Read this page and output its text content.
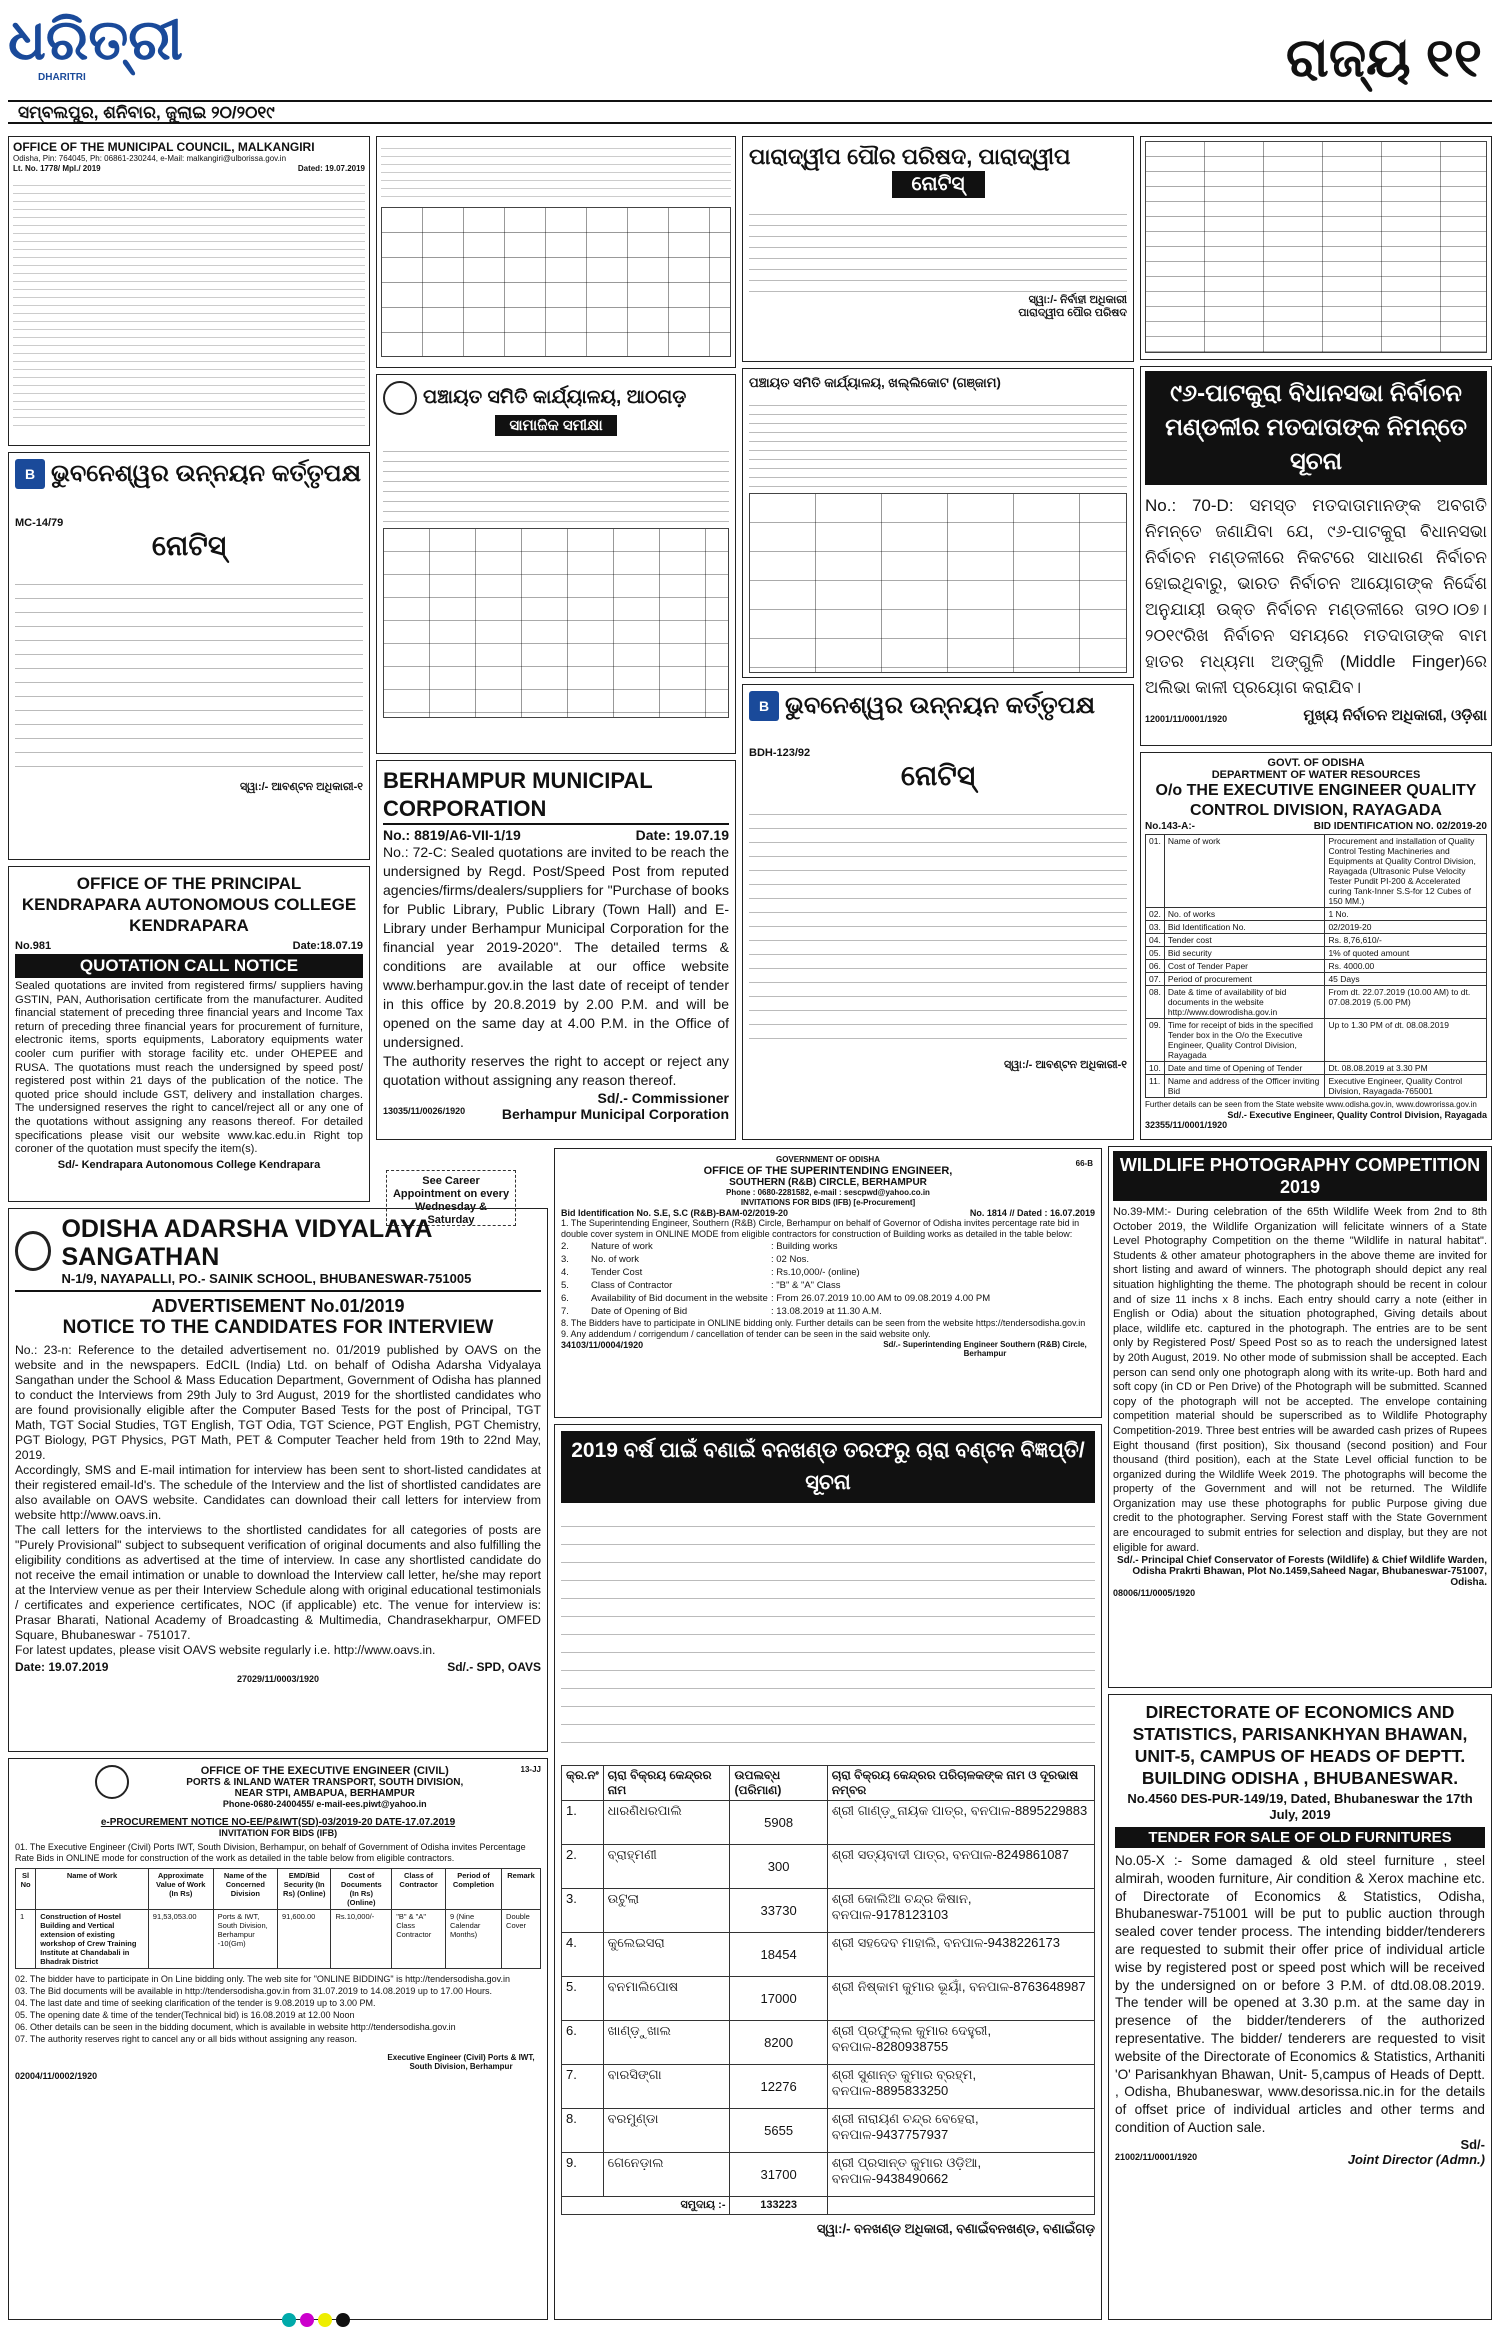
ଧରିତ୍ରୀ
DHARITRI
ସମ୍ବଲପୁର, ଶନିବାର, ଜୁଲାଇ ୨୦/୨୦୧୯
ରାଜ୍ୟ ୧୧
OFFICE OF THE MUNICIPAL COUNCIL, MALKANGIRI
Odisha, Pin: 764045, Ph: 06861-230244, e-Mail: malkangiri@ulborissa.gov.in
Lt. No. 1778/ Mpl./ 2019	Dated: 19.07.2019	ପାରାଦ୍ୱୀପ ପୌର ପରିଷଦ, ପାରାଦ୍ୱୀପ
ନୋଟିସ୍
ସ୍ୱା:/- ନିର୍ବାହୀ ଅଧିକାରୀ
ପାରାଦ୍ୱୀପ ପୌର ପରିଷଦ
B ଭୁବନେଶ୍ୱର ଉନ୍ନୟନ କର୍ତ୍ତୃପକ୍ଷ
MC-14/79
ନୋଟିସ୍
ସ୍ୱା:/- ଆବଣ୍ଟନ ଅଧିକାରୀ-୧
ପଞ୍ଚାୟତ ସମିତି କାର୍ଯ୍ୟାଳୟ, ଆଠଗଡ଼
ସାମାଜିକ ସମୀକ୍ଷା
ପଞ୍ଚାୟତ ସମିତି କାର୍ଯ୍ୟାଳୟ, ଖଲ୍ଲିକୋଟ (ଗଞ୍ଜାମ)	୯୬-ପାଟକୁରା ବିଧାନସଭା ନିର୍ବାଚନ ମଣ୍ଡଳୀର ମତଦାତାଙ୍କ ନିମନ୍ତେ ସୂଚନା
No.: 70-D: ସମସ୍ତ ମତଦାତାମାନଙ୍କ ଅବଗତି ନିମନ୍ତେ ଜଣାଯିବା ଯେ, ୯୬-ପାଟକୁରା ବିଧାନସଭା ନିର୍ବାଚନ ମଣ୍ଡଳୀରେ ନିକଟରେ ସାଧାରଣ ନିର୍ବାଚନ ହୋଇଥିବାରୁ, ଭାରତ ନିର୍ବାଚନ ଆୟୋଗଙ୍କ ନିର୍ଦ୍ଦେଶ ଅନୁଯାୟୀ ଉକ୍ତ ନିର୍ବାଚନ ମଣ୍ଡଳୀରେ ତା୨୦।୦୭।୨୦୧୯ରିଖ ନିର୍ବାଚନ ସମୟରେ ମତଦାତାଙ୍କ ବାମ ହାତର ମଧ୍ୟମା ଅଙ୍ଗୁଳି (Middle Finger)ରେ ଅଲିଭା କାଳୀ ପ୍ରୟୋଗ କରାଯିବ।
12001/11/0001/1920	ମୁଖ୍ୟ ନିର୍ବାଚନ ଅଧିକାରୀ, ଓଡ଼ିଶା
BERHAMPUR MUNICIPAL CORPORATION
No.: 8819/A6-VII-1/19	Date: 19.07.19
No.: 72-C: Sealed quotations are invited to be reach the undersigned by Regd. Post/Speed Post from reputed agencies/firms/dealers/suppliers for "Purchase of books for Public Library, Public Library (Town Hall) and E-Library under Berhampur Municipal Corporation for the financial year 2019-2020". The detailed terms & conditions are available at our office website www.berhampur.gov.in the last date of receipt of tender in this office by 20.8.2019 by 2.00 P.M. and will be opened on the same day at 4.00 P.M. in the Office of undersigned.
The authority reserves the right to accept or reject any quotation without assigning any reason thereof.
Sd/.- Commissioner
13035/11/0026/1920	Berhampur Municipal Corporation
B ଭୁବନେଶ୍ୱର ଉନ୍ନୟନ କର୍ତ୍ତୃପକ୍ଷ
BDH-123/92
ନୋଟିସ୍
ସ୍ୱା:/- ଆବଣ୍ଟନ ଅଧିକାରୀ-୧
GOVT. OF ODISHA
DEPARTMENT OF WATER RESOURCES
O/o THE EXECUTIVE ENGINEER QUALITY CONTROL DIVISION, RAYAGADA
No.143-A:-	BID IDENTIFICATION NO. 02/2019-20
01.	Name of work	Procurement and installation of Quality Control Testing Machineries and Equipments at Quality Control Division, Rayagada (Ultrasonic Pulse Velocity Tester Pundit PI-200 & Accelerated curing Tank-Inner S.S-for 12 Cubes of 150 MM.)
02.	No. of works	1 No.
03.	Bid Identification No.	02/2019-20
04.	Tender cost	Rs. 8,76,610/-
05.	Bid security	1% of quoted amount
06.	Cost of Tender Paper	Rs. 4000.00
07.	Period of procurement	45 Days
08.	Date & time of availability of bid documents in the website http://www.dowrodisha.gov.in	From dt. 22.07.2019 (10.00 AM) to dt. 07.08.2019 (5.00 PM)
09.	Time for receipt of bids in the specified Tender box in the O/o the Executive Engineer, Quality Control Division, Rayagada	Up to 1.30 PM of dt. 08.08.2019
10.	Date and time of Opening of Tender	Dt. 08.08.2019 at 3.30 PM
11.	Name and address of the Officer inviting Bid	Executive Engineer, Quality Control Division, Rayagada-765001
Further details can be seen from the State website www.odisha.gov.in, www.dowrorissa.gov.in
Sd/.- Executive Engineer, Quality Control Division, Rayagada
32355/11/0001/1920
OFFICE OF THE PRINCIPAL KENDRAPARA AUTONOMOUS COLLEGE KENDRAPARA
No.981	Date:18.07.19
QUOTATION CALL NOTICE
Sealed quotations are invited from registered firms/ suppliers having GSTIN, PAN, Authorisation certificate from the manufacturer. Audited financial statement of preceding three financial years and Income Tax return of preceding three financial years for procurement of furniture, electronic items, sports equipments, Laboratory equipments water cooler cum purifier with storage facility etc. under OHEPEE and RUSA. The quotations must reach the undersigned by speed post/ registered post within 21 days of the publication of the notice. The quoted price should include GST, delivery and installation charges. The undersigned reserves the right to cancel/reject all or any one of the quotations without assigning any reasons thereof. For detailed specifications please visit our website www.kac.edu.in Right top coroner of the quotation must specify the item(s).
Sd/- Kendrapara Autonomous College Kendrapara
See Career Appointment on every Wednesday & Saturday
ODISHA ADARSHA VIDYALAYA SANGATHAN
N-1/9, NAYAPALLI, PO.- SAINIK SCHOOL, BHUBANESWAR-751005
ADVERTISEMENT No.01/2019
NOTICE TO THE CANDIDATES FOR INTERVIEW
No.: 23-n: Reference to the detailed advertisement no. 01/2019 published by OAVS on the website and in the newspapers. EdCIL (India) Ltd. on behalf of Odisha Adarsha Vidyalaya Sangathan under the School & Mass Education Department, Government of Odisha has planned to conduct the Interviews from 29th July to 3rd August, 2019 for the shortlisted candidates who are found provisionally eligible after the Computer Based Tests for the post of Principal, TGT Math, TGT Social Studies, TGT English, TGT Odia, TGT Science, PGT English, PGT Chemistry, PGT Biology, PGT Physics, PGT Math, PET & Computer Teacher held from 19th to 22nd May, 2019.
Accordingly, SMS and E-mail intimation for interview has been sent to short-listed candidates at their registered email-Id's. The schedule of the Interview and the list of shortlisted candidates are also available on OAVS website. Candidates can download their call letters for interview from website http://www.oavs.in.
The call letters for the interviews to the shortlisted candidates for all categories of posts are "Purely Provisional" subject to subsequent verification of original documents and also fulfilling the eligibility conditions as advertised at the time of interview. In case any shortlisted candidate do not receive the email intimation or unable to download the Interview call letter, he/she may report at the Interview venue as per their Interview Schedule along with original educational testimonials / certificates and experience certificates, NOC (if applicable) etc. The venue for interview is: Prasar Bharati, National Academy of Broadcasting & Multimedia, Chandrasekharpur, OMFED Square, Bhubaneswar - 751017.
For latest updates, please visit OAVS website regularly i.e. http://www.oavs.in.
Date: 19.07.2019	Sd/.- SPD, OAVS
27029/11/0003/1920
GOVERNMENT OF ODISHA
OFFICE OF THE SUPERINTENDING ENGINEER,
SOUTHERN (R&B) CIRCLE, BERHAMPUR
Phone : 0680-2281582, e-mail : sescpwd@yahoo.co.in
INVITATIONS FOR BIDS (IFB) [e-Procurement]
66-B
Bid Identification No. S.E, S.C (R&B)-BAM-02/2019-20	No. 1814 // Dated : 16.07.2019
1. The Superintending Engineer, Southern (R&B) Circle, Berhampur on behalf of Governor of Odisha invites percentage rate bid in double cover system in ONLINE MODE from eligible contractors for construction of Building works as detailed in the table below:
2.	Nature of work	: Building works
3.	No. of work	: 02 Nos.
4.	Tender Cost	: Rs.10,000/- (online)
5.	Class of Contractor	: "B" & "A" Class
6.	Availability of Bid document in the website : From 26.07.2019 10.00 AM to 09.08.2019 4.00 PM
7.	Date of Opening of Bid	: 13.08.2019 at 11.30 A.M.
8. The Bidders have to participate in ONLINE bidding only. Further details can be seen from the website https://tendersodisha.gov.in
9. Any addendum / corrigendum / cancellation of tender can be seen in the said website only.
34103/11/0004/1920	Sd/.- Superintending Engineer Southern (R&B) Circle, Berhampur
WILDLIFE PHOTOGRAPHY COMPETITION 2019
No.39-MM:- During celebration of the 65th Wildlife Week from 2nd to 8th October 2019, the Wildlife Organization will felicitate winners of a State Level Photography Competition on the theme "Wildlife in natural habitat". Students & other amateur photographers in the above theme are invited for short listing and award of winners. The photograph should depict any real situation highlighting the theme. The photograph should be recent in colour and of size 11 inchs x 8 inchs. Each entry should carry a note (either in English or Odia) about the situation photographed, Giving details about place, wildlife etc. captured in the photograph. The entries are to be sent only by Registered Post/ Speed Post so as to reach the undersigned latest by 20th August, 2019. No other mode of submission shall be accepted. Each person can send only one photograph along with its write-up. Both hard and soft copy (in CD or Pen Drive) of the Photograph will be submitted. Scanned copy of the photograph will not be accepted. The envelope containing competition material should be superscribed as to Wildlife Photography Competition-2019. Three best entries will be awarded cash prizes of Rupees Eight thousand (first position), Six thousand (second position) and Four thousand (third position), each at the State Level official function to be organized during the Wildlife Week 2019. The photographs will become the property of the Government and will not be returned. The Wildlife Organization may use these photographs for public Purpose giving due credit to the photographer. Serving Forest staff with the State Government are encouraged to submit entries for selection and display, but they are not eligible for award.
Sd/.- Principal Chief Conservator of Forests (Wildlife) & Chief Wildlife Warden, Odisha Prakrti Bhawan, Plot No.1459,Saheed Nagar, Bhubaneswar-751007, Odisha.
08006/11/0005/1920
2019 ବର୍ଷ ପାଇଁ ବଣାଇଁ ବନଖଣ୍ଡ ତରଫରୁ ଚାରା ବଣ୍ଟନ ବିଜ୍ଞପ୍ତି/ସୂଚନା
କ୍ର.ନଂ	ଚାରା ବିକ୍ରୟ କେନ୍ଦ୍ରର ନାମ	ଉପଲବ୍ଧ (ପରିମାଣ)	ଚାରା ବିକ୍ରୟ କେନ୍ଦ୍ରର ପରିଚାଳକଙ୍କ ନାମ ଓ ଦୂରଭାଷ ନମ୍ବର
1.	ଧାରଣିଧରପାଲି	5908	ଶ୍ରୀ ଗାଣ୍ଡ଼ୁନାୟକ ପାତ୍ର, ବନପାଳ-8895229883
2.	ବ୍ରାହ୍ମଣୀ	300	ଶ୍ରୀ ସତ୍ୟବାଦୀ ପାତ୍ର, ବନପାଳ-8249861087
3.	ଉଟୁଲା	33730	ଶ୍ରୀ କୋଲିଆ ଚନ୍ଦ୍ର କିଷାନ, ବନପାଳ-9178123103
4.	କୁଲେଇସରା	18454	ଶ୍ରୀ ସହଦେବ ମାହାଲି, ବନପାଳ-9438226173
5.	ବନମାଲିପୋଷ	17000	ଶ୍ରୀ ନିଷ୍କାମ କୁମାର ଭୂୟାଁ, ବନପାଳ-8763648987
6.	ଖାଣ୍ଡ଼ୁଖାଲ	8200	ଶ୍ରୀ ପ୍ରଫୁଲ୍ଲ କୁମାର ଦେହୁରୀ, ବନପାଳ-8280938755
7.	ବାରସିଙ୍ଗା	12276	ଶ୍ରୀ ସୁଶାନ୍ତ କୁମାର ବ୍ରହ୍ମ, ବନପାଳ-8895833250
8.	ବରମୁଣ୍ଡା	5655	ଶ୍ରୀ ନାରାୟଣ ଚନ୍ଦ୍ର ବେହେରା, ବନପାଳ-9437757937
9.	ଗେନେଡ଼ାଲ	31700	ଶ୍ରୀ ପ୍ରସାନ୍ତ କୁମାର ଓଡ଼ିଆ, ବନପାଳ-9438490662
ସମୁଦାୟ :-		133223	
ସ୍ୱା:/- ବନଖଣ୍ଡ ଅଧିକାରୀ, ବଣାଇଁବନଖଣ୍ଡ, ବଣାଇଁଗଡ଼
DIRECTORATE OF ECONOMICS AND STATISTICS, PARISANKHYAN BHAWAN, UNIT-5, CAMPUS OF HEADS OF DEPTT. BUILDING ODISHA , BHUBANESWAR.
No.4560 DES-PUR-149/19, Dated, Bhubaneswar the 17th July, 2019
TENDER FOR SALE OF OLD FURNITURES
No.05-X :- Some damaged & old steel furniture , steel almirah, wooden furniture, Air condition & Xerox machine etc. of Directorate of Economics & Statistics, Odisha, Bhubaneswar-751001 will be put to public auction through sealed cover tender process. The intending bidder/tenderers are requested to submit their offer price of individual article wise by registered post or speed post which will be received by the undersigned on or before 3 P.M. of dtd.08.08.2019. The tender will be opened at 3.30 p.m. at the same day in presence of the bidder/tenderers of the authorized representative. The bidder/ tenderers are requested to visit website of the Directorate of Economics & Statistics, Arthaniti 'O' Parisankhyan Bhawan, Unit- 5,campus of Heads of Deptt. , Odisha, Bhubaneswar, www.desorissa.nic.in for the details of offset price of individual articles and other terms and condition of Auction sale.
Sd/-
21002/11/0001/1920	Joint Director (Admn.)
OFFICE OF THE EXECUTIVE ENGINEER (CIVIL)
PORTS & INLAND WATER TRANSPORT, SOUTH DIVISION,
NEAR STPI, AMBAPUA, BERHAMPUR
Phone-0680-2400455/ e-mail-ees.piwt@yahoo.in
13-JJ
e-PROCUREMENT NOTICE NO-EE/P&IWT(SD)-03/2019-20 DATE-17.07.2019
INVITATION FOR BIDS (IFB)
01. The Executive Engineer (Civil) Ports IWT, South Division, Berhampur, on behalf of Government of Odisha invites Percentage Rate Bids in ONLINE mode for construction of the work as detailed in the table below from eligible contractors.
Sl No	Name of Work	Approximate Value of Work (In Rs)	Name of the Concerned Division	EMD/Bid Security (In Rs) (Online)	Cost of Documents (In Rs) (Online)	Class of Contractor	Period of Completion	Remark
1	Construction of Hostel Building and Vertical extension of existing workshop of Crew Training Institute at Chandabali in Bhadrak District	91,53,053.00	Ports & IWT, South Division, Berhampur -10(Gm)	91,600.00	Rs.10,000/-	"B" & "A" Class Contractor	9 (Nine Calendar Months)	Double Cover
02. The bidder have to participate in On Line bidding only. The web site for "ONLINE BIDDING" is http://tendersodisha.gov.in
03. The Bid documents will be available in http://tendersodisha.gov.in from 31.07.2019 to 14.08.2019 up to 17.00 Hours.
04. The last date and time of seeking clarification of the tender is 9.08.2019 up to 3.00 PM.
05. The opening date & time of the tender(Technical bid) is 16.08.2019 at 12.00 Noon
06. Other details can be seen in the bidding document, which is available in website http://tendersodisha.gov.in
07. The authority reserves right to cancel any or all bids without assigning any reason.
Executive Engineer (Civil) Ports & IWT, South Division, Berhampur
02004/11/0002/1920
